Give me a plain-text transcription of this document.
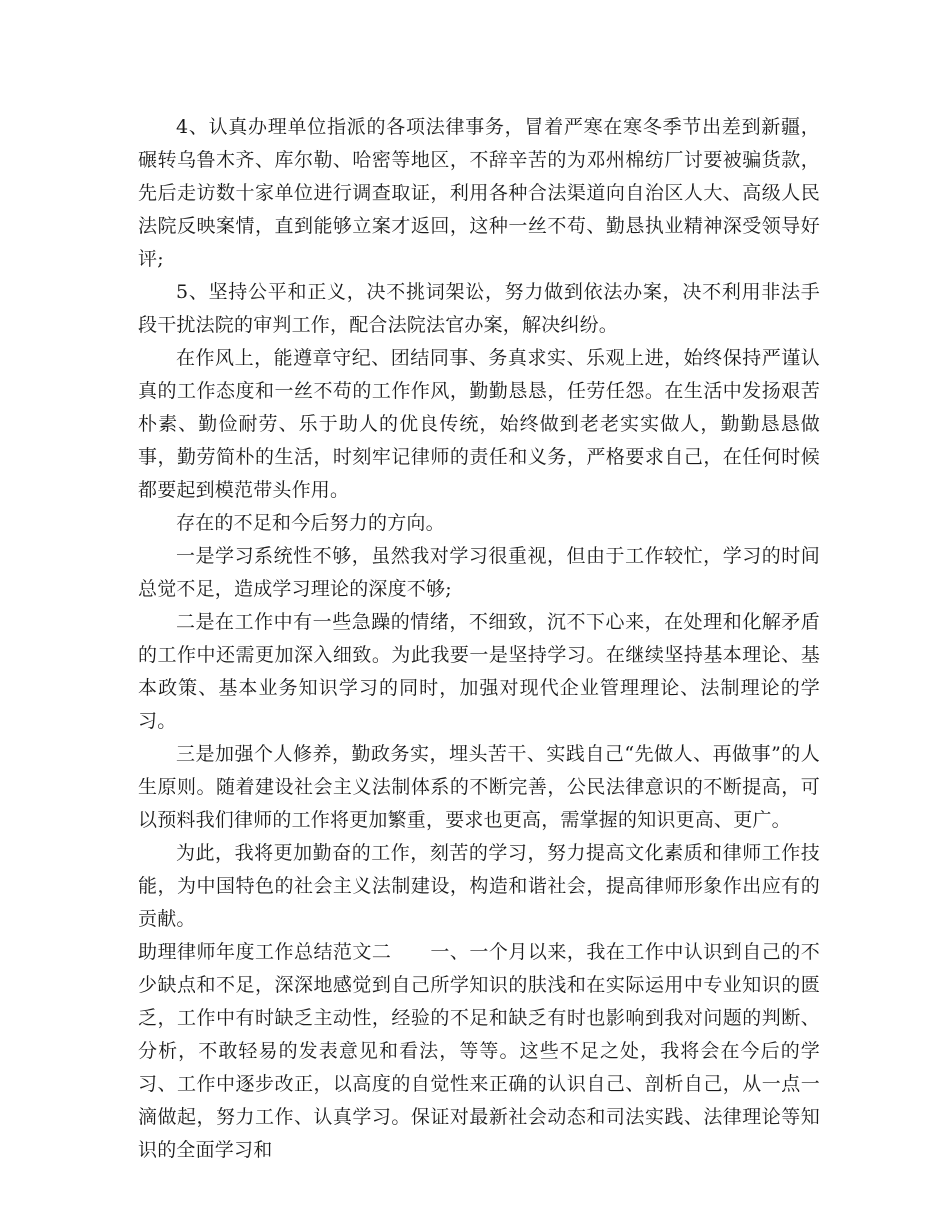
4、认真办理单位指派的各项法律事务，冒着严寒在寒冬季节出差到新疆，碾转乌鲁木齐、库尔勒、哈密等地区，不辞辛苦的为邓州棉纺厂讨要被骗货款，先后走访数十家单位进行调查取证，利用各种合法渠道向自治区人大、高级人民法院反映案情，直到能够立案才返回，这种一丝不苟、勤恳执业精神深受领导好评;

5、坚持公平和正义，决不挑词架讼，努力做到依法办案，决不利用非法手段干扰法院的审判工作，配合法院法官办案，解决纠纷。

在作风上，能遵章守纪、团结同事、务真求实、乐观上进，始终保持严谨认真的工作态度和一丝不苟的工作作风，勤勤恳恳，任劳任怨。在生活中发扬艰苦朴素、勤俭耐劳、乐于助人的优良传统，始终做到老老实实做人，勤勤恳恳做事，勤劳简朴的生活，时刻牢记律师的责任和义务，严格要求自己，在任何时候都要起到模范带头作用。

存在的不足和今后努力的方向。

一是学习系统性不够，虽然我对学习很重视，但由于工作较忙，学习的时间总觉不足，造成学习理论的深度不够;

二是在工作中有一些急躁的情绪，不细致，沉不下心来，在处理和化解矛盾的工作中还需更加深入细致。为此我要一是坚持学习。在继续坚持基本理论、基本政策、基本业务知识学习的同时，加强对现代企业管理理论、法制理论的学习。

三是加强个人修养，勤政务实，埋头苦干、实践自己“先做人、再做事”的人生原则。随着建设社会主义法制体系的不断完善，公民法律意识的不断提高，可以预料我们律师的工作将更加繁重，要求也更高，需掌握的知识更高、更广。

为此，我将更加勤奋的工作，刻苦的学习，努力提高文化素质和律师工作技能，为中国特色的社会主义法制建设，构造和谐社会，提高律师形象作出应有的贡献。

助理律师年度工作总结范文二　　一、一个月以来，我在工作中认识到自己的不少缺点和不足，深深地感觉到自己所学知识的肤浅和在实际运用中专业知识的匮乏，工作中有时缺乏主动性，经验的不足和缺乏有时也影响到我对问题的判断、分析，不敢轻易的发表意见和看法，等等。这些不足之处，我将会在今后的学习、工作中逐步改正，以高度的自觉性来正确的认识自己、剖析自己，从一点一滴做起，努力工作、认真学习。保证对最新社会动态和司法实践、法律理论等知识的全面学习和
